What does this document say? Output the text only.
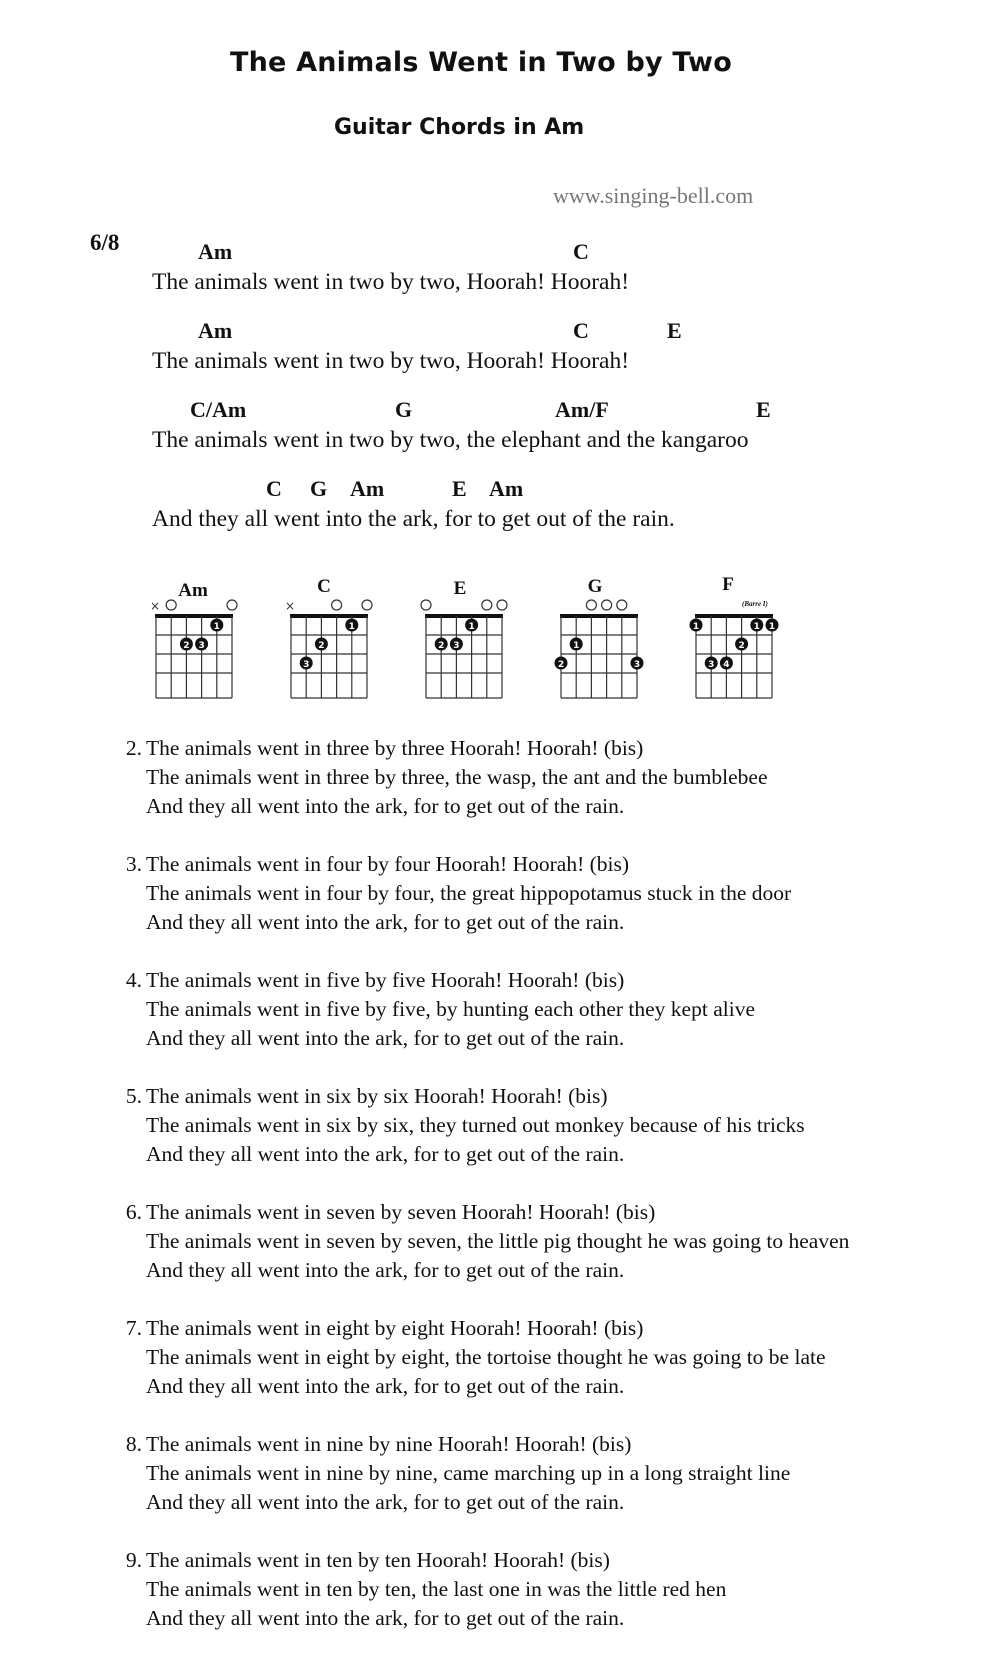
The Animals Went in Two by Two
Guitar Chords in Am
www.singing-bell.com
6/8	Am	C
The animals went in two by two, Hoorah! Hoorah!
Am	C	E
The animals went in two by two, Hoorah! Hoorah!
C/Am	G	Am/F	E
The animals went in two by two, the elephant and the kangaroo
C G Am	E Am
And they all went into the ark, for to get out of the rain.
Am	C	E	G	F
(Barre I)
×
1
2 3
×
1
2
3
1
2 3	1
2	3
1	1 1
2
3 4
2. The animals went in three by three Hoorah! Hoorah! (bis)
The animals went in three by three, the wasp, the ant and the bumblebee
And they all went into the ark, for to get out of the rain.
3. The animals went in four by four Hoorah! Hoorah! (bis)
The animals went in four by four, the great hippopotamus stuck in the door
And they all went into the ark, for to get out of the rain.
4. The animals went in five by five Hoorah! Hoorah! (bis)
The animals went in five by five, by hunting each other they kept alive
And they all went into the ark, for to get out of the rain.
5. The animals went in six by six Hoorah! Hoorah! (bis)
The animals went in six by six, they turned out monkey because of his tricks
And they all went into the ark, for to get out of the rain.
6. The animals went in seven by seven Hoorah! Hoorah! (bis)
The animals went in seven by seven, the little pig thought he was going to heaven
And they all went into the ark, for to get out of the rain.
7. The animals went in eight by eight Hoorah! Hoorah! (bis)
The animals went in eight by eight, the tortoise thought he was going to be late
And they all went into the ark, for to get out of the rain.
8. The animals went in nine by nine Hoorah! Hoorah! (bis)
The animals went in nine by nine, came marching up in a long straight line
And they all went into the ark, for to get out of the rain.
9. The animals went in ten by ten Hoorah! Hoorah! (bis)
The animals went in ten by ten, the last one in was the little red hen
And they all went into the ark, for to get out of the rain.
